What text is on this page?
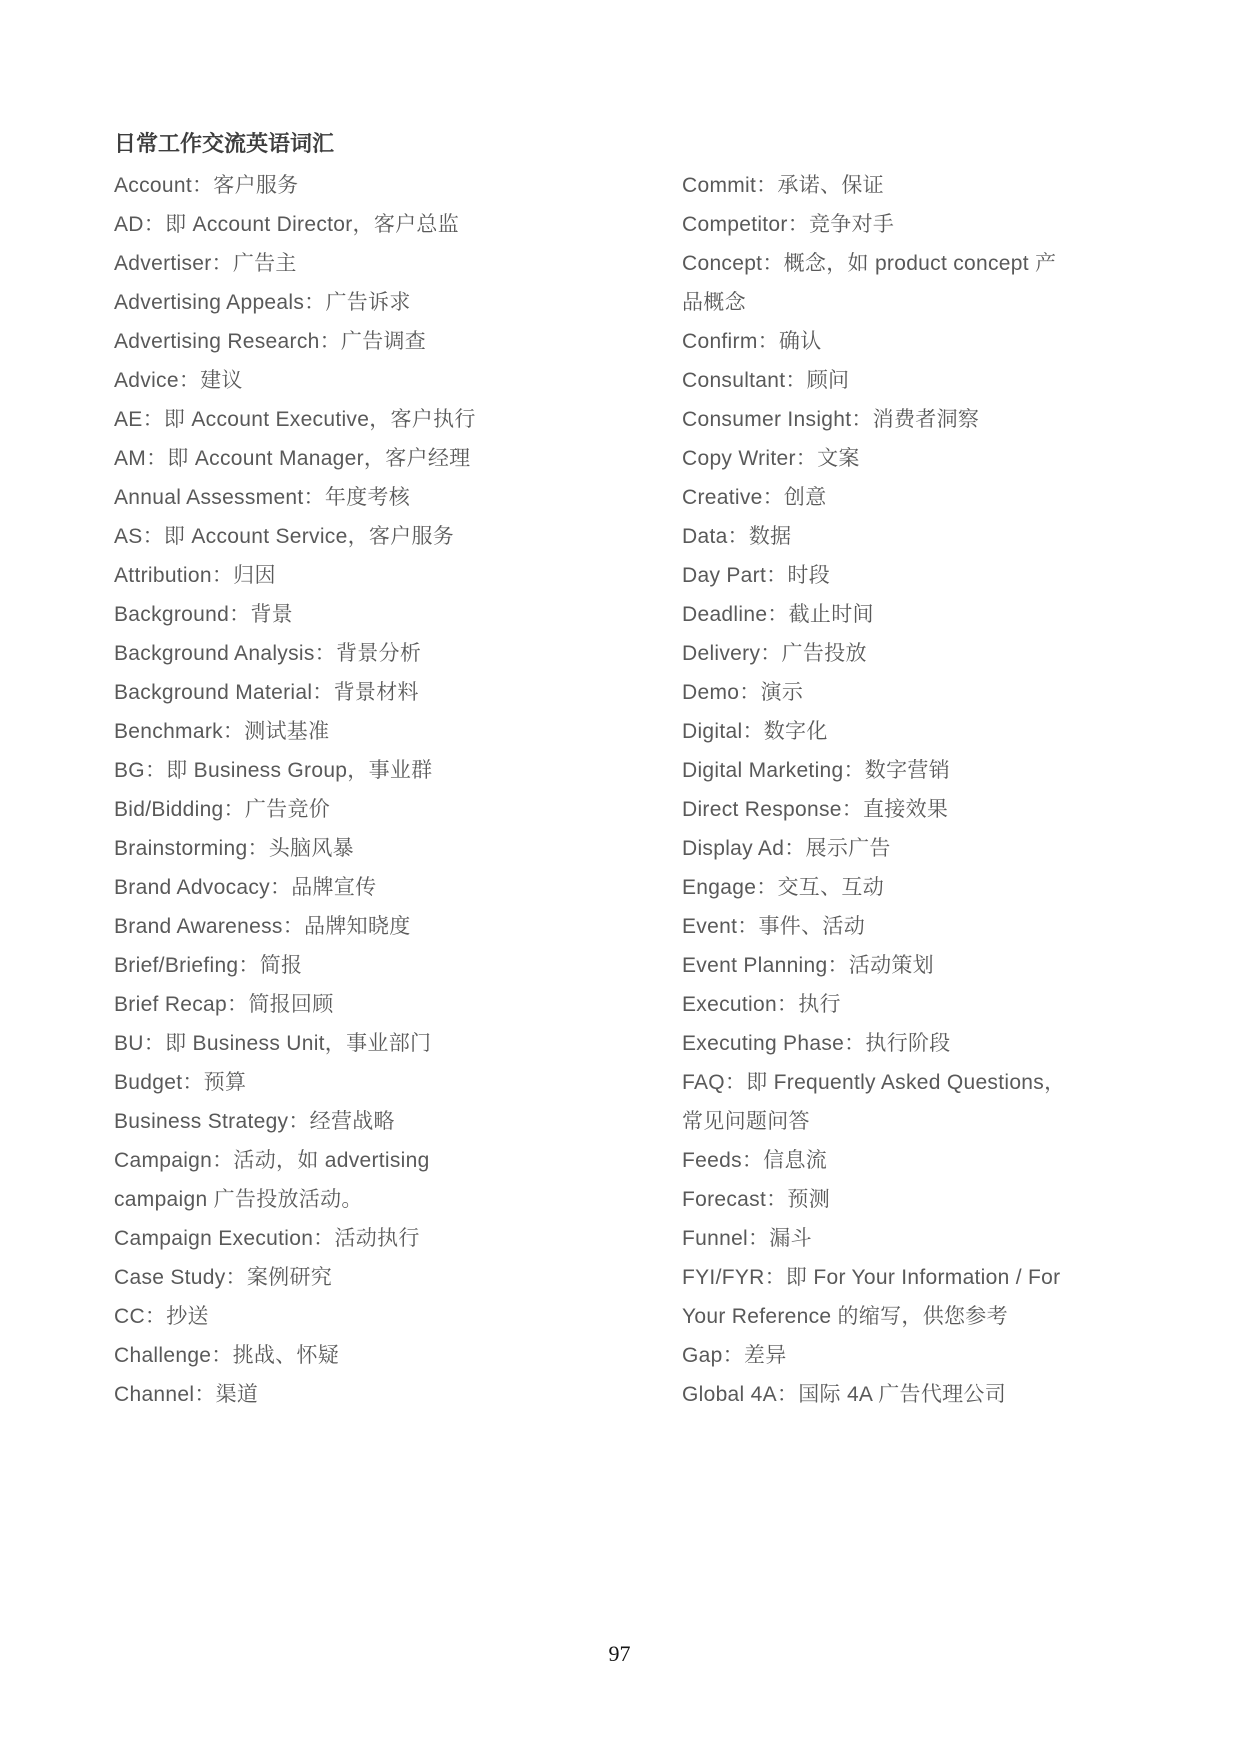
日常工作交流英语词汇
Account：客户服务
AD：即 Account Director，客户总监
Advertiser：广告主
Advertising Appeals：广告诉求
Advertising Research：广告调查
Advice：建议
AE：即 Account Executive，客户执行
AM：即 Account Manager，客户经理
Annual Assessment：年度考核
AS：即 Account Service，客户服务
Attribution：归因
Background：背景
Background Analysis：背景分析
Background Material：背景材料
Benchmark：测试基准
BG：即 Business Group，事业群
Bid/Bidding：广告竞价
Brainstorming：头脑风暴
Brand Advocacy：品牌宣传
Brand Awareness：品牌知晓度
Brief/Briefing：简报
Brief Recap：简报回顾
BU：即 Business Unit，事业部门
Budget：预算
Business Strategy：经营战略
Campaign：活动，如 advertising
campaign 广告投放活动。
Campaign Execution：活动执行
Case Study：案例研究
CC：抄送
Challenge：挑战、怀疑
Channel：渠道
Commit：承诺、保证
Competitor：竞争对手
Concept：概念，如 product concept 产
品概念
Confirm：确认
Consultant：顾问
Consumer Insight：消费者洞察
Copy Writer：文案
Creative：创意
Data：数据
Day Part：时段
Deadline：截止时间
Delivery：广告投放
Demo：演示
Digital：数字化
Digital Marketing：数字营销
Direct Response：直接效果
Display Ad：展示广告
Engage：交互、互动
Event：事件、活动
Event Planning：活动策划
Execution：执行
Executing Phase：执行阶段
FAQ：即 Frequently Asked Questions，
常见问题问答
Feeds：信息流
Forecast：预测
Funnel：漏斗
FYI/FYR：即 For Your Information / For
Your Reference 的缩写，供您参考
Gap：差异
Global 4A：国际 4A 广告代理公司
97
